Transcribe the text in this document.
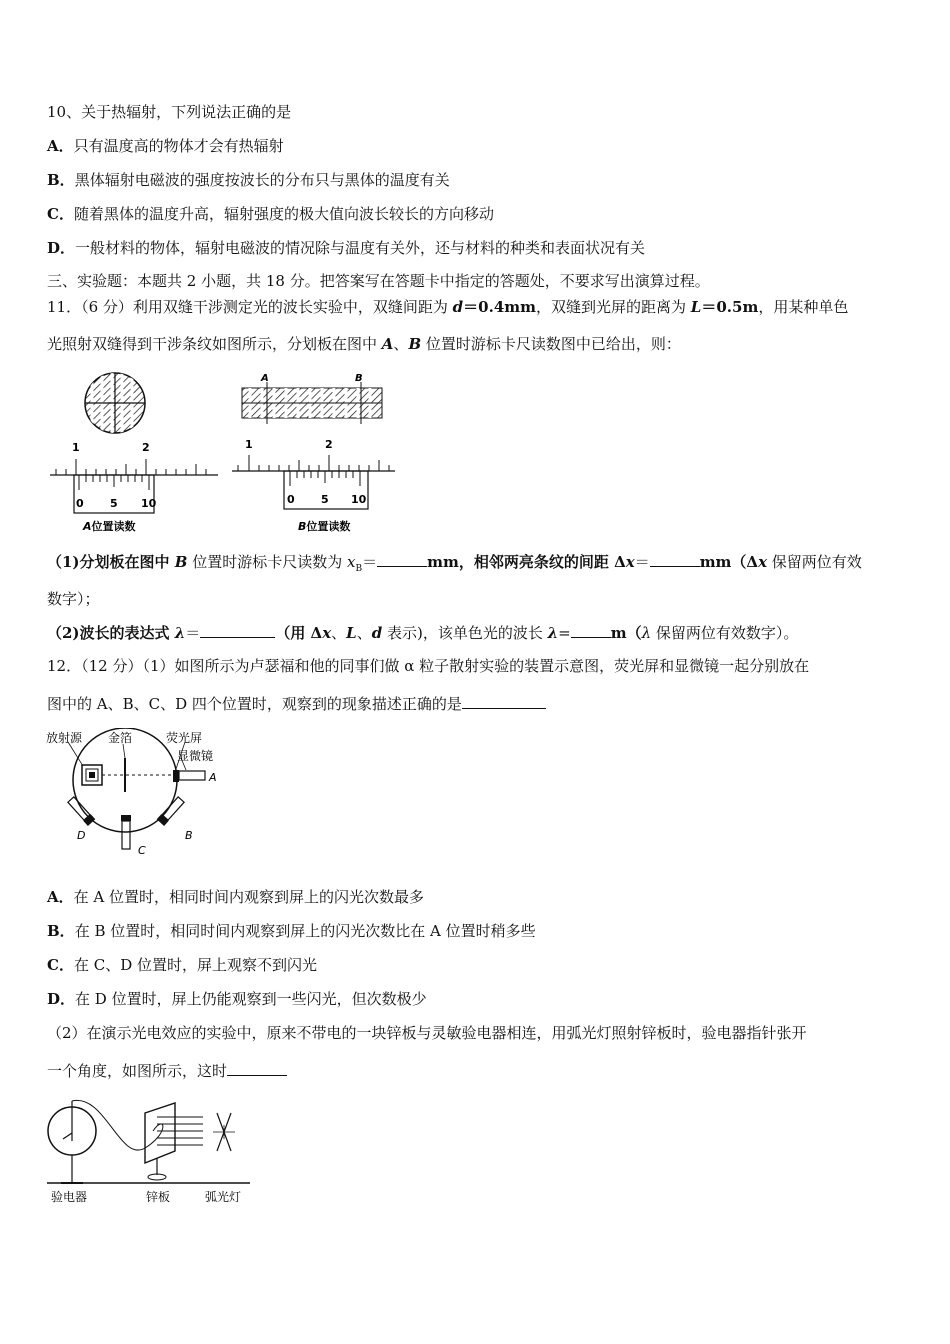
10、关于热辐射，下列说法正确的是
A．只有温度高的物体才会有热辐射
B．黑体辐射电磁波的强度按波长的分布只与黑体的温度有关
C．随着黑体的温度升高，辐射强度的极大值向波长较长的方向移动
D．一般材料的物体，辐射电磁波的情况除与温度有关外，还与材料的种类和表面状况有关
三、实验题：本题共 2 小题，共 18 分。把答案写在答题卡中指定的答题处，不要求写出演算过程。
11．（6 分）利用双缝干涉测定光的波长实验中，双缝间距为 d＝0.4mm，双缝到光屏的距离为 L＝0.5m，用某种单色
光照射双缝得到干涉条纹如图所示，分划板在图中 A、B 位置时游标卡尺读数图中已给出，则：
A	B
1	2
0 5 10
A位置读数
1	2
0 5 10
B位置读数
（1)分划板在图中 B 位置时游标卡尺读数为 $x_B=$	mm，相邻两亮条纹的间距 Δx＝	mm（Δx 保留两位有效
数字）；
（2)波长的表达式 λ＝	（用 Δx、L、d 表示)，该单色光的波长 λ=	m（λ 保留两位有效数字）。
12．（12 分）（1）如图所示为卢瑟福和他的同事们做 α 粒子散射实验的装置示意图，荧光屏和显微镜一起分别放在
图中的 A、B、C、D 四个位置时，观察到的现象描述正确的是
放射源 金箔	荧光屏
显微镜
A
B
C
D
A．在 A 位置时，相同时间内观察到屏上的闪光次数最多
B．在 B 位置时，相同时间内观察到屏上的闪光次数比在 A 位置时稍多些
C．在 C、D 位置时，屏上观察不到闪光
D．在 D 位置时，屏上仍能观察到一些闪光，但次数极少
（2）在演示光电效应的实验中，原来不带电的一块锌板与灵敏验电器相连，用弧光灯照射锌板时，验电器指针张开
一个角度，如图所示，这时
验电器	锌板	弧光灯
